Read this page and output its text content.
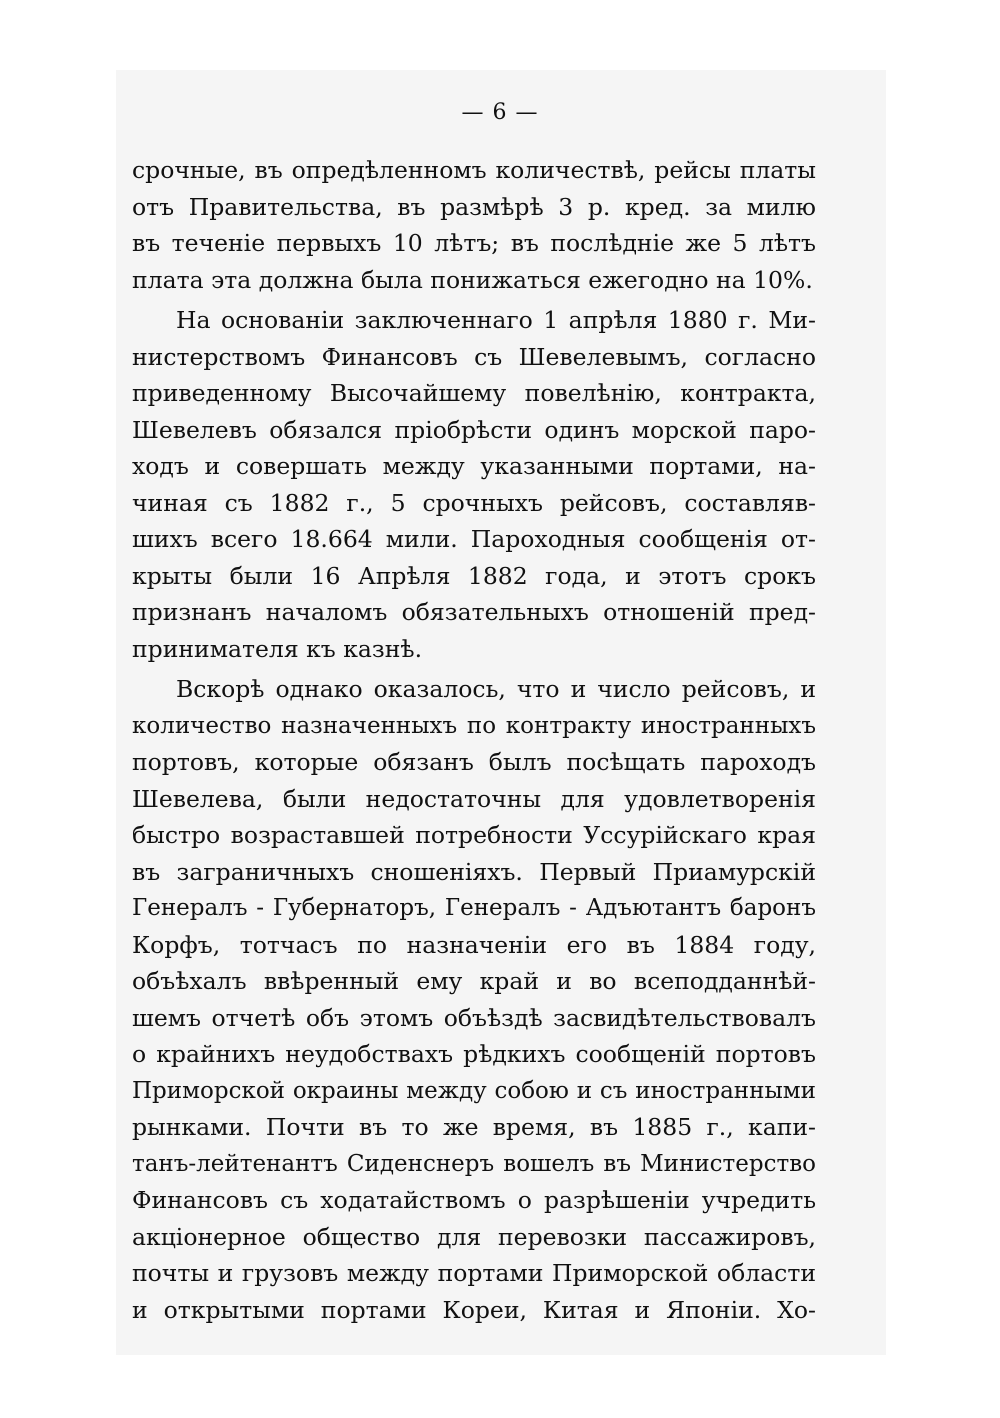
— 6 —
срочные, въ опредѣленномъ количествѣ, рейсы платы
отъ Правительства, въ размѣрѣ 3 р. кред. за милю
въ теченіе первыхъ 10 лѣтъ; въ послѣдніе же 5 лѣтъ
плата эта должна была понижаться ежегодно на 10%.
На основаніи заключеннаго 1 апрѣля 1880 г. Ми-
нистерствомъ Финансовъ съ Шевелевымъ, согласно
приведенному Высочайшему повелѣнію, контракта,
Шевелевъ обязался пріобрѣсти одинъ морской паро-
ходъ и совершать между указанными портами, на-
чиная съ 1882 г., 5 срочныхъ рейсовъ, составляв-
шихъ всего 18.664 мили. Пароходныя сообщенія от-
крыты были 16 Апрѣля 1882 года, и этотъ срокъ
признанъ началомъ обязательныхъ отношеній пред-
принимателя къ казнѣ.
Вскорѣ однако оказалось, что и число рейсовъ, и
количество назначенныхъ по контракту иностранныхъ
портовъ, которые обязанъ былъ посѣщать пароходъ
Шевелева, были недостаточны для удовлетворенія
быстро возраставшей потребности Уссурійскаго края
въ заграничныхъ сношеніяхъ. Первый Приамурскій
Генералъ - Губернаторъ, Генералъ - Адъютантъ баронъ
Корфъ, тотчасъ по назначеніи его въ 1884 году,
объѣхалъ ввѣренный ему край и во всеподданнѣй-
шемъ отчетѣ объ этомъ объѣздѣ засвидѣтельствовалъ
о крайнихъ неудобствахъ рѣдкихъ сообщеній портовъ
Приморской окраины между собою и съ иностранными
рынками. Почти въ то же время, въ 1885 г., капи-
танъ-лейтенантъ Сиденснеръ вошелъ въ Министерство
Финансовъ съ ходатайствомъ о разрѣшеніи учредить
акціонерное общество для перевозки пассажировъ,
почты и грузовъ между портами Приморской области
и открытыми портами Кореи, Китая и Японіи. Хо-
